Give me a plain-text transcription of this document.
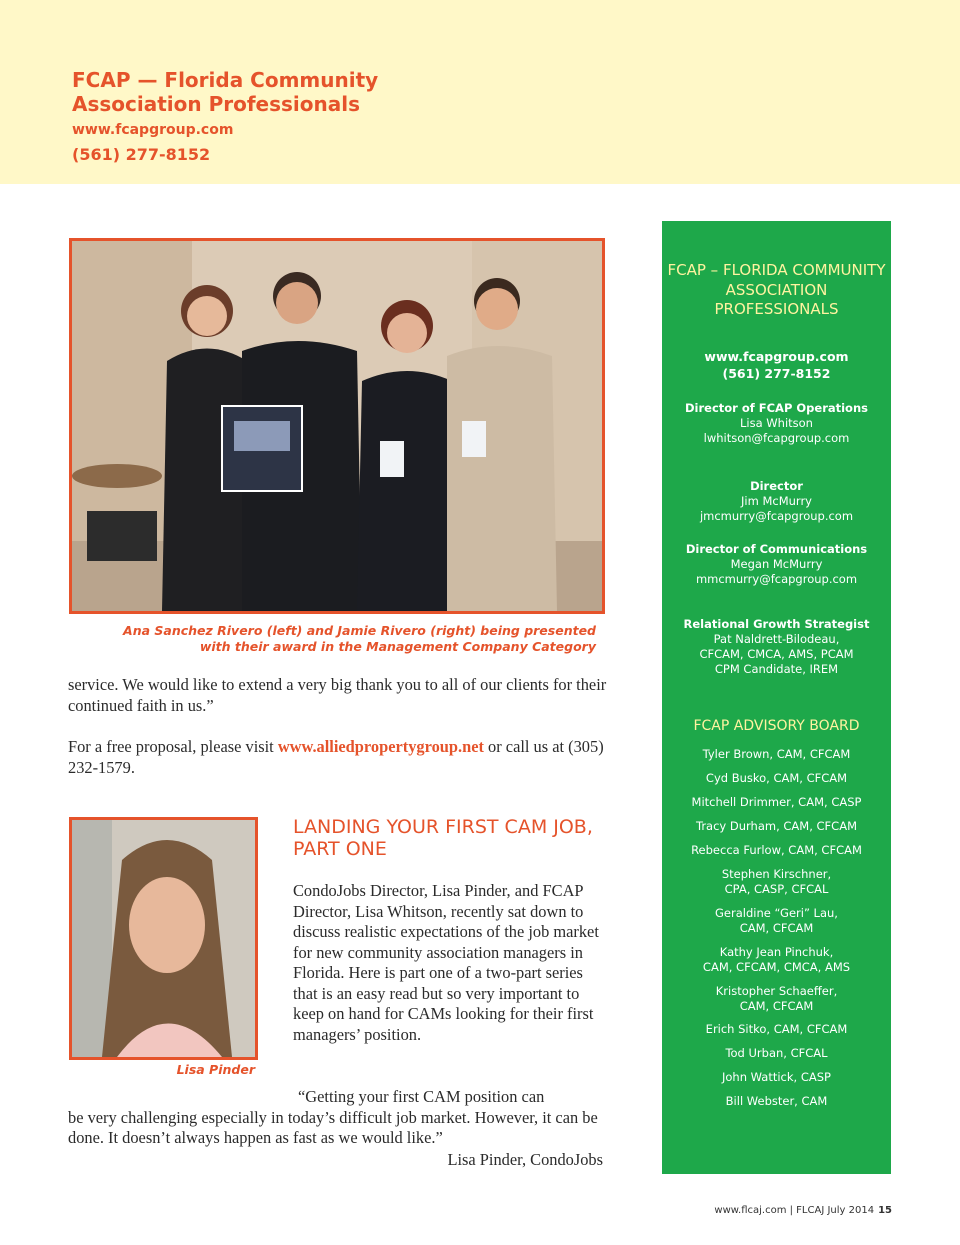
FCAP — Florida Community Association Professionals
www.fcapgroup.com
(561) 277-8152
Ana Sanchez Rivero (left) and Jamie Rivero (right) being presented with their award in the Management Company Category
service. We would like to extend a very big thank you to all of our clients for their continued faith in us.”
For a free proposal, please visit www.alliedpropertygroup.net or call us at (305) 232-1579.
Lisa Pinder
LANDING YOUR FIRST CAM JOB, PART ONE
CondoJobs Director, Lisa Pinder, and FCAP Director, Lisa Whitson, recently sat down to discuss realistic expectations of the job market for new community association managers in Florida. Here is part one of a two-part series that is an easy read but so very important to keep on hand for CAMs looking for their first managers’ position.
“Getting your first CAM position can
be very challenging especially in today’s difficult job market. However, it can be done. It doesn’t always happen as fast as we would like.”
Lisa Pinder, CondoJobs
FCAP – FLORIDA COMMUNITY ASSOCIATION PROFESSIONALS
www.fcapgroup.com
(561) 277-8152
Director of FCAP Operations
Lisa Whitson
lwhitson@fcapgroup.com
Director
Jim McMurry
jmcmurry@fcapgroup.com
Director of Communications
Megan McMurry
mmcmurry@fcapgroup.com
Relational Growth Strategist
Pat Naldrett-Bilodeau,
CFCAM, CMCA, AMS, PCAM
CPM Candidate, IREM
FCAP ADVISORY BOARD
Tyler Brown, CAM, CFCAM
Cyd Busko, CAM, CFCAM
Mitchell Drimmer, CAM, CASP
Tracy Durham, CAM, CFCAM
Rebecca Furlow, CAM, CFCAM
Stephen Kirschner,
CPA, CASP, CFCAL
Geraldine “Geri” Lau,
CAM, CFCAM
Kathy Jean Pinchuk,
CAM, CFCAM, CMCA, AMS
Kristopher Schaeffer,
CAM, CFCAM
Erich Sitko, CAM, CFCAM
Tod Urban, CFCAL
John Wattick, CASP
Bill Webster, CAM
www.flcaj.com | FLCAJ July 2014 15
